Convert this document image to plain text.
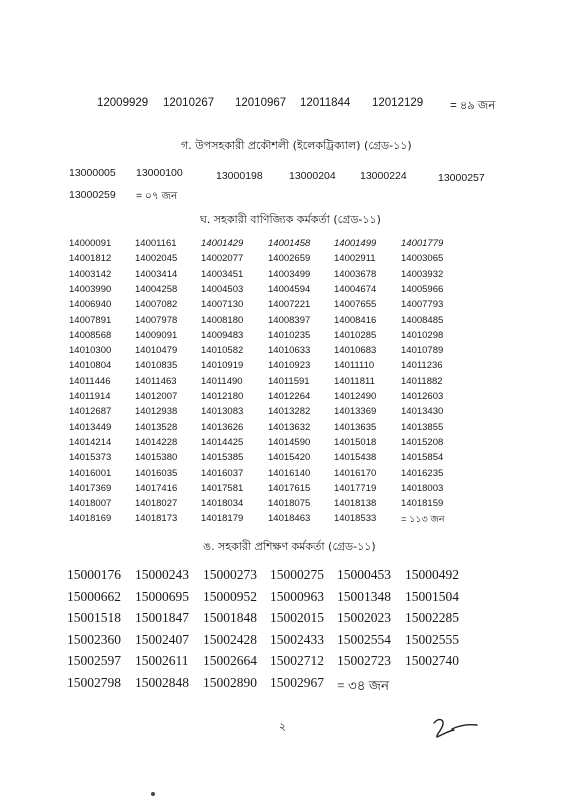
12009929 12010267 12010967 12011844 12012129 = ৪৯ জন
গ. উপসহকারী প্রকৌশলী (ইলেকট্রিক্যাল) (গ্রেড-১১)
13000005 13000100	13000198	13000204 13000224	13000257
13000259 = ০৭ জন
ঘ. সহকারী বাণিজ্যিক কর্মকর্তা (গ্রেড-১১)
14000091 14001161	14001429	14001458 14001499	14001779
14001812 14002045 14002077	14002659 14002911	14003065
14003142 14003414 14003451	14003499 14003678	14003932
14003990 14004258 14004503	14004594 14004674	14005966
14006940 14007082 14007130	14007221 14007655	14007793
14007891 14007978 14008180	14008397 14008416	14008485
14008568 14009091 14009483	14010235 14010285	14010298
14010300 14010479 14010582	14010633 14010683	14010789
14010804 14010835 14010919	14010923 14011110	14011236
14011446	14011463	14011490	14011591	14011811	14011882
14011914	14012007 14012180	14012264 14012490	14012603
14012687 14012938 14013083	14013282 14013369	14013430
14013449 14013528 14013626	14013632 14013635	14013855
14014214 14014228 14014425	14014590 14015018	14015208
14015373 14015380 14015385	14015420 14015438	14015854
14016001 14016035 14016037	14016140 14016170	14016235
14017369 14017416 14017581	14017615 14017719	14018003
14018007 14018027 14018034	14018075 14018138	14018159
14018169 14018173 14018179	14018463 14018533	= ১১৩ জন
ঙ. সহকারী প্রশিক্ষণ কর্মকর্তা (গ্রেড-১১)
15000176 15000243 15000273 15000275 15000453 15000492
15000662 15000695 15000952 15000963 15001348 15001504
15001518 15001847 15001848 15002015 15002023 15002285
15002360 15002407 15002428 15002433 15002554 15002555
15002597 15002611 15002664 15002712 15002723 15002740
15002798 15002848 15002890 15002967 = ৩৪ জন
২
